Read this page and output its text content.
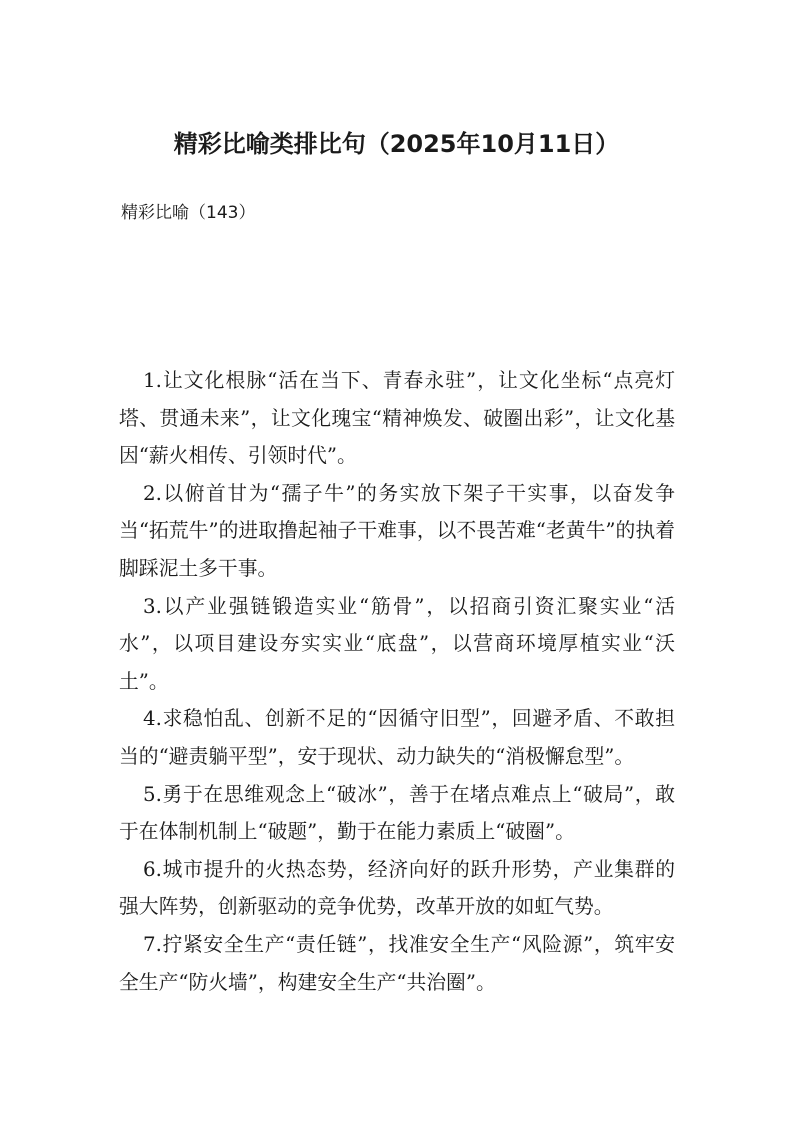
精彩比喻类排比句（2025年10月11日）
精彩比喻（143）

1.让文化根脉“活在当下、青春永驻”，让文化坐标“点亮灯塔、贯通未来”，让文化瑰宝“精神焕发、破圈出彩”，让文化基因“薪火相传、引领时代”。

2.以俯首甘为“孺子牛”的务实放下架子干实事，以奋发争当“拓荒牛”的进取撸起袖子干难事，以不畏苦难“老黄牛”的执着脚踩泥土多干事。

3.以产业强链锻造实业“筋骨”，以招商引资汇聚实业“活水”，以项目建设夯实实业“底盘”，以营商环境厚植实业“沃土”。

4.求稳怕乱、创新不足的“因循守旧型”，回避矛盾、不敢担当的“避责躺平型”，安于现状、动力缺失的“消极懈怠型”。

5.勇于在思维观念上“破冰”，善于在堵点难点上“破局”，敢于在体制机制上“破题”，勤于在能力素质上“破圈”。

6.城市提升的火热态势，经济向好的跃升形势，产业集群的强大阵势，创新驱动的竞争优势，改革开放的如虹气势。

7.拧紧安全生产“责任链”，找准安全生产“风险源”，筑牢安全生产“防火墙”，构建安全生产“共治圈”。
